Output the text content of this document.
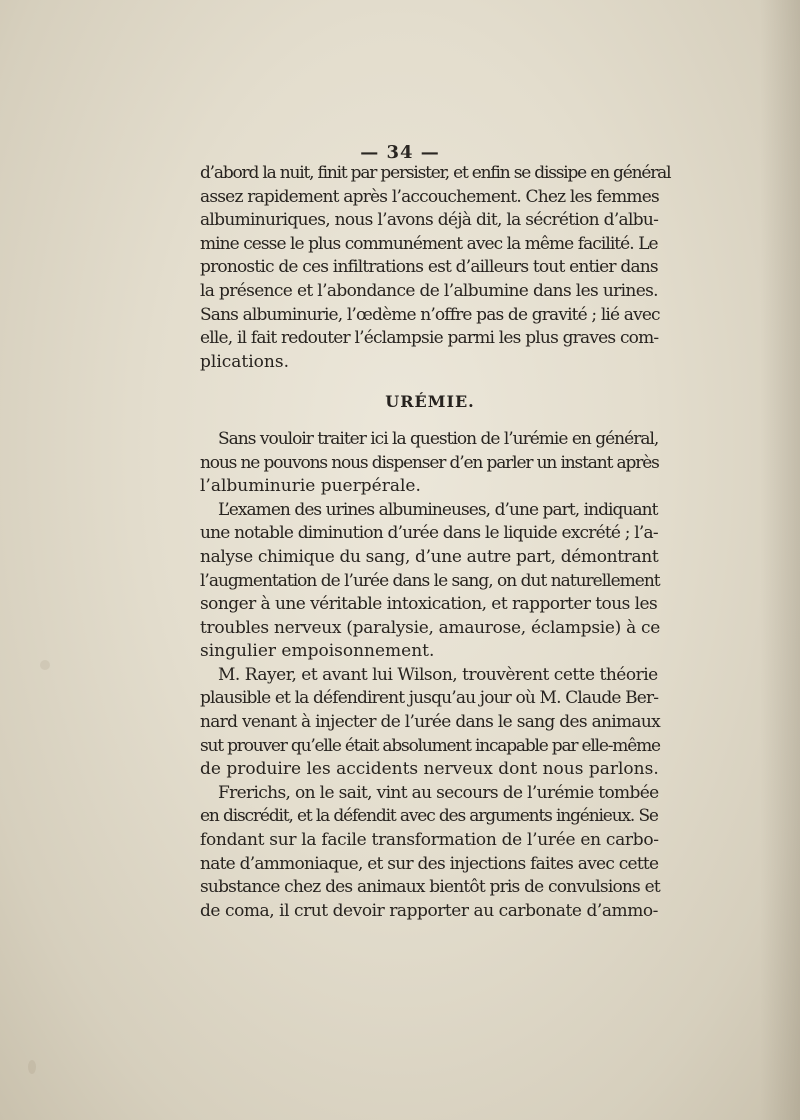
— 34 —
d’abord la nuit, finit par persister, et enfin se dissipe en général
assez rapidement après l’accouchement. Chez les femmes
albuminuriques, nous l’avons déjà dit, la sécrétion d’albu-
mine cesse le plus communément avec la même facilité. Le
pronostic de ces infiltrations est d’ailleurs tout entier dans
la présence et l’abondance de l’albumine dans les urines.
Sans albuminurie, l’œdème n’offre pas de gravité ; lié avec
elle, il fait redouter l’éclampsie parmi les plus graves com-
plications.
URÉMIE.
Sans vouloir traiter ici la question de l’urémie en général,
nous ne pouvons nous dispenser d’en parler un instant après
l’albuminurie puerpérale.
L’examen des urines albumineuses, d’une part, indiquant
une notable diminution d’urée dans le liquide excrété ; l’a-
nalyse chimique du sang, d’une autre part, démontrant
l’augmentation de l’urée dans le sang, on dut naturellement
songer à une véritable intoxication, et rapporter tous les
troubles nerveux (paralysie, amaurose, éclampsie) à ce
singulier empoisonnement.
M. Rayer, et avant lui Wilson, trouvèrent cette théorie
plausible et la défendirent jusqu’au jour où M. Claude Ber-
nard venant à injecter de l’urée dans le sang des animaux
sut prouver qu’elle était absolument incapable par elle-même
de produire les accidents nerveux dont nous parlons.
Frerichs, on le sait, vint au secours de l’urémie tombée
en discrédit, et la défendit avec des arguments ingénieux. Se
fondant sur la facile transformation de l’urée en carbo-
nate d’ammoniaque, et sur des injections faites avec cette
substance chez des animaux bientôt pris de convulsions et
de coma, il crut devoir rapporter au carbonate d’ammo-
